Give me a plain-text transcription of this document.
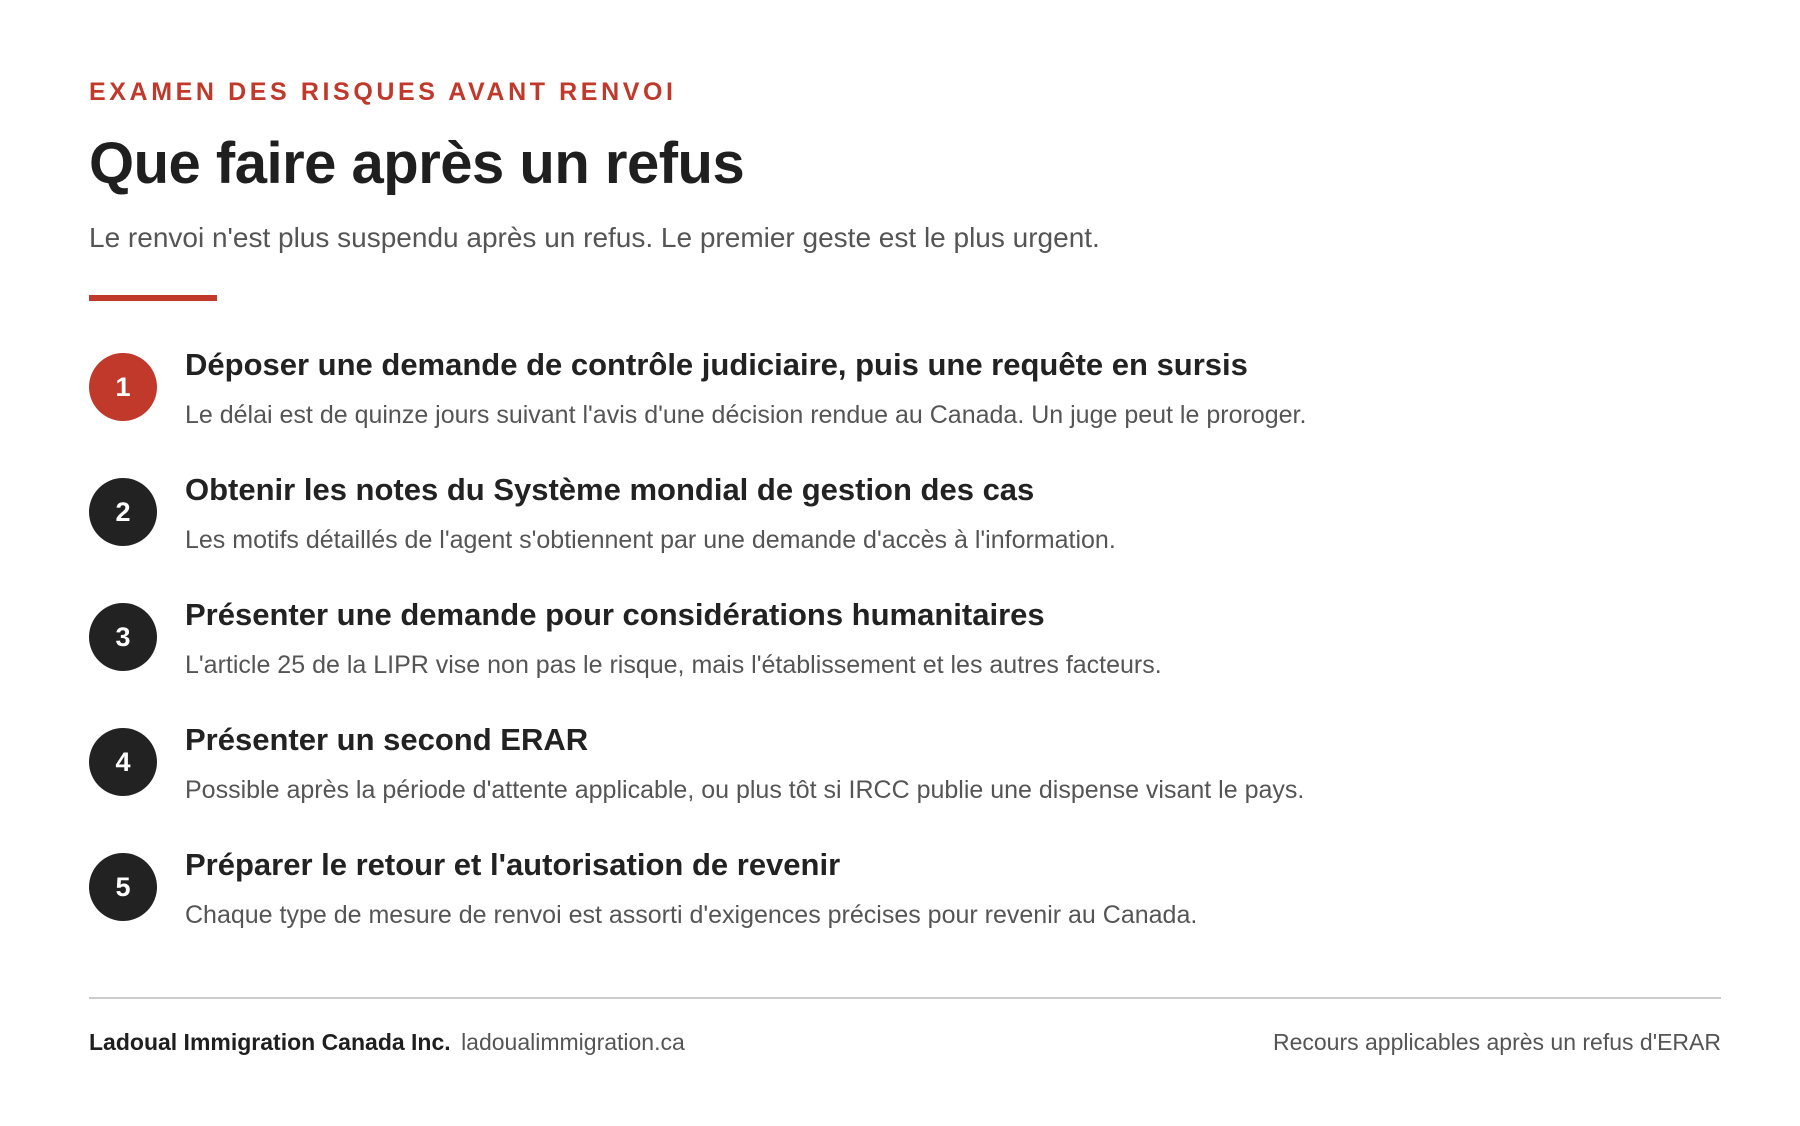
EXAMEN DES RISQUES AVANT RENVOI
Que faire après un refus
Le renvoi n'est plus suspendu après un refus. Le premier geste est le plus urgent.
1
Déposer une demande de contrôle judiciaire, puis une requête en sursis
Le délai est de quinze jours suivant l'avis d'une décision rendue au Canada. Un juge peut le proroger.
2
Obtenir les notes du Système mondial de gestion des cas
Les motifs détaillés de l'agent s'obtiennent par une demande d'accès à l'information.
3
Présenter une demande pour considérations humanitaires
L'article 25 de la LIPR vise non pas le risque, mais l'établissement et les autres facteurs.
4
Présenter un second ERAR
Possible après la période d'attente applicable, ou plus tôt si IRCC publie une dispense visant le pays.
5
Préparer le retour et l'autorisation de revenir
Chaque type de mesure de renvoi est assorti d'exigences précises pour revenir au Canada.
Ladoual Immigration Canada Inc. ladoualimmigration.ca	Recours applicables après un refus d'ERAR
